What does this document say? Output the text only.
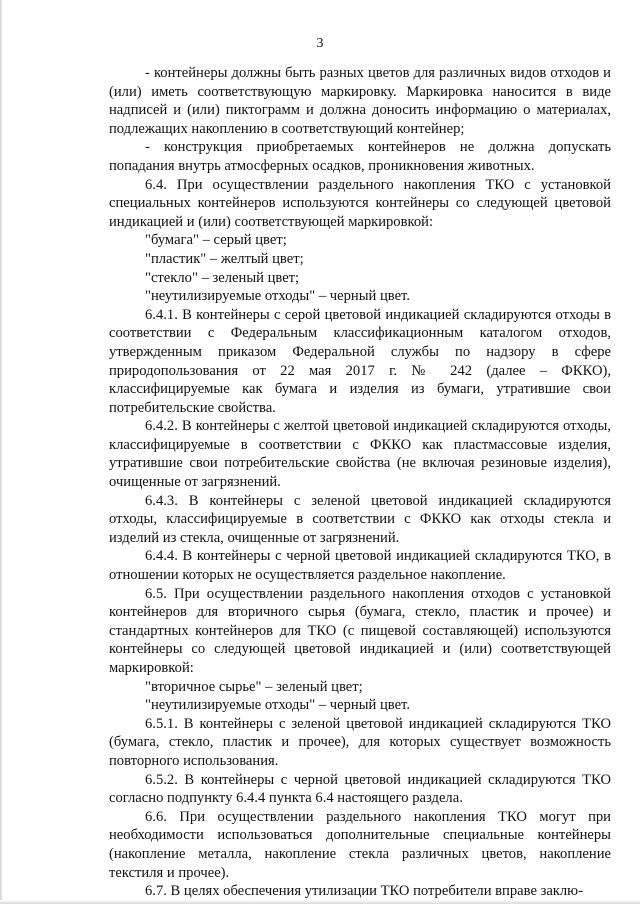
3

- контейнеры должны быть разных цветов для различных видов отходов и (или) иметь соответствующую маркировку. Маркировка наносится в виде надписей и (или) пиктограмм и должна доносить информацию о материалах, подлежащих накоплению в соответствующий контейнер;

- конструкция приобретаемых контейнеров не должна допускать попадания внутрь атмосферных осадков, проникновения животных.

6.4. При осуществлении раздельного накопления ТКО с установкой специальных контейнеров используются контейнеры со следующей цветовой индикацией и (или) соответствующей маркировкой:

"бумага" – серый цвет;

"пластик" – желтый цвет;

"стекло" – зеленый цвет;

"неутилизируемые отходы" – черный цвет.

6.4.1. В контейнеры с серой цветовой индикацией складируются отходы в соответствии с Федеральным классификационным каталогом отходов, утвержденным приказом Федеральной службы по надзору в сфере природопользования от 22 мая 2017 г. № 242 (далее – ФККО), классифицируемые как бумага и изделия из бумаги, утратившие свои потребительские свойства.

6.4.2. В контейнеры с желтой цветовой индикацией складируются отходы, классифицируемые в соответствии с ФККО как пластмассовые изделия, утратившие свои потребительские свойства (не включая резиновые изделия), очищенные от загрязнений.

6.4.3. В контейнеры с зеленой цветовой индикацией складируются отходы, классифицируемые в соответствии с ФККО как отходы стекла и изделий из стекла, очищенные от загрязнений.

6.4.4. В контейнеры с черной цветовой индикацией складируются ТКО, в отношении которых не осуществляется раздельное накопление.

6.5. При осуществлении раздельного накопления отходов с установкой контейнеров для вторичного сырья (бумага, стекло, пластик и прочее) и стандартных контейнеров для ТКО (с пищевой составляющей) используются контейнеры со следующей цветовой индикацией и (или) соответствующей маркировкой:

"вторичное сырье" – зеленый цвет;

"неутилизируемые отходы" – черный цвет.

6.5.1. В контейнеры с зеленой цветовой индикацией складируются ТКО (бумага, стекло, пластик и прочее), для которых существует возможность повторного использования.

6.5.2. В контейнеры с черной цветовой индикацией складируются ТКО согласно подпункту 6.4.4 пункта 6.4 настоящего раздела.

6.6. При осуществлении раздельного накопления ТКО могут при необходимости использоваться дополнительные специальные контейнеры (накопление металла, накопление стекла различных цветов, накопление текстиля и прочее).

6.7. В целях обеспечения утилизации ТКО потребители вправе заклю-
